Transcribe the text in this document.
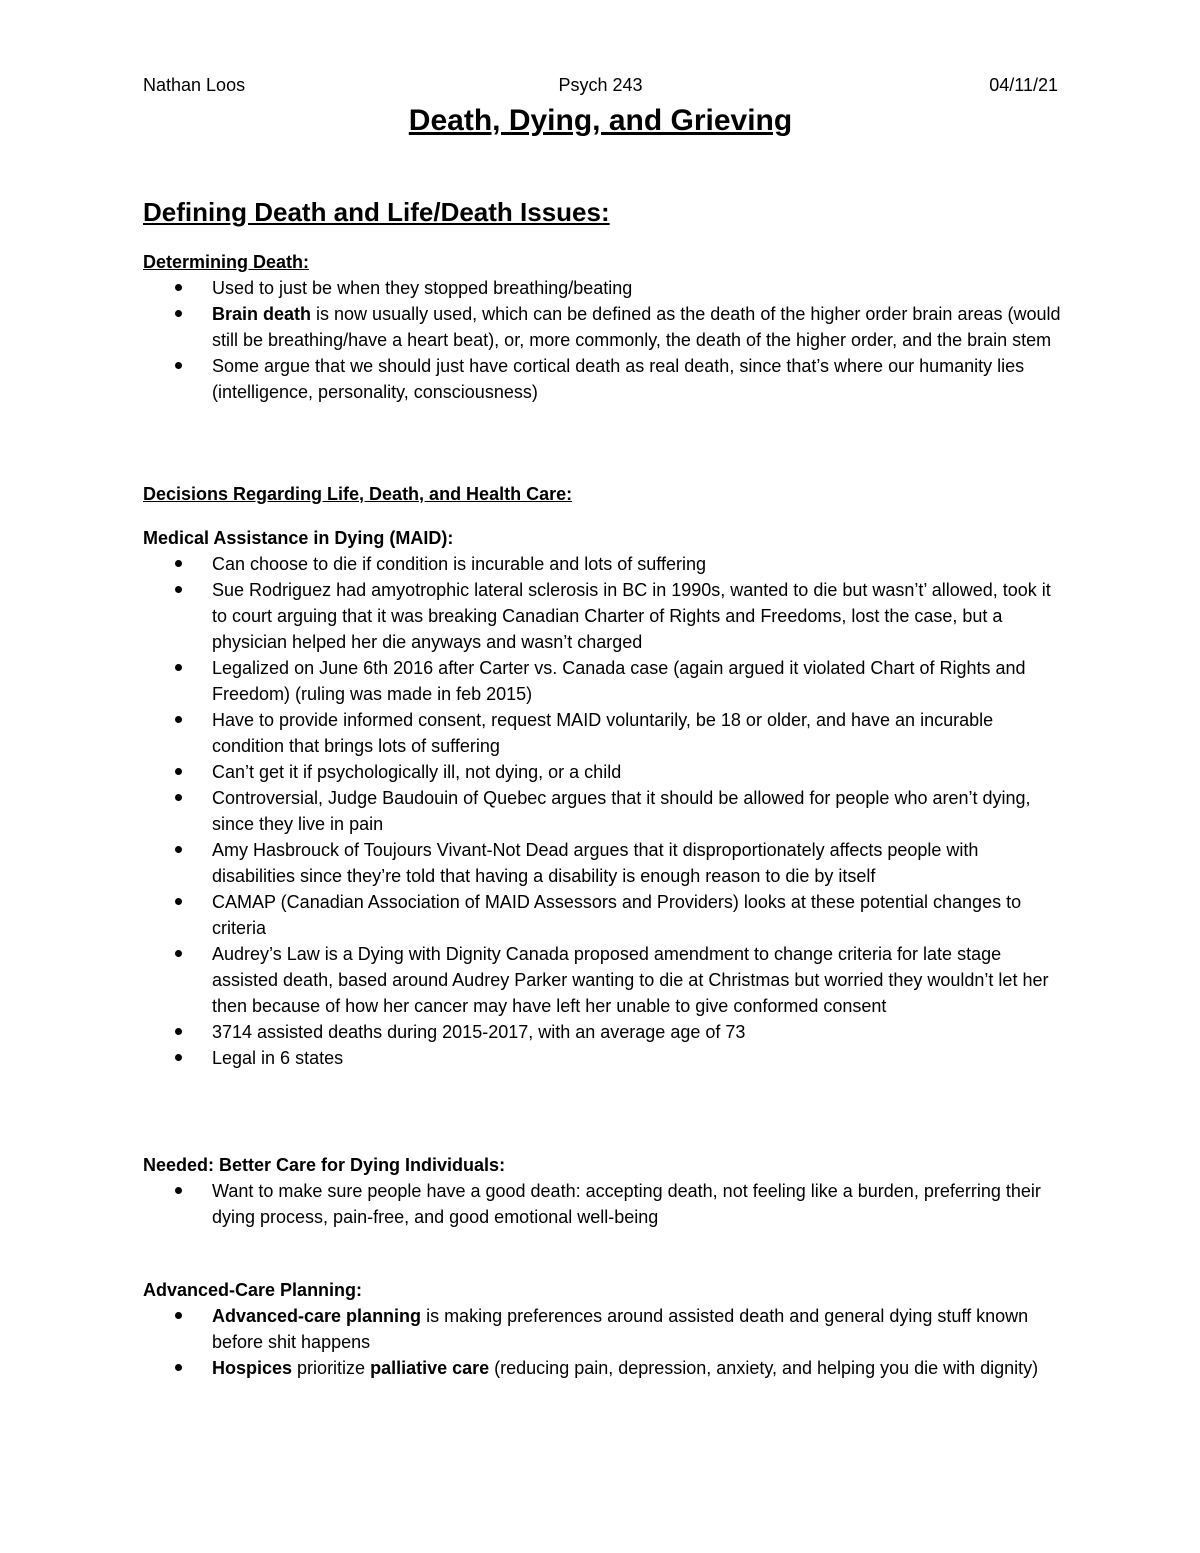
Nathan Loos	Psych 243	04/11/21
Death, Dying, and Grieving
Defining Death and Life/Death Issues:
Determining Death:
Used to just be when they stopped breathing/beating
Brain death is now usually used, which can be defined as the death of the higher order brain areas (would still be breathing/have a heart beat), or, more commonly, the death of the higher order, and the brain stem
Some argue that we should just have cortical death as real death, since that’s where our humanity lies (intelligence, personality, consciousness)
Decisions Regarding Life, Death, and Health Care:
Medical Assistance in Dying (MAID):
Can choose to die if condition is incurable and lots of suffering
Sue Rodriguez had amyotrophic lateral sclerosis in BC in 1990s, wanted to die but wasn’t’ allowed, took it to court arguing that it was breaking Canadian Charter of Rights and Freedoms, lost the case, but a physician helped her die anyways and wasn’t charged
Legalized on June 6th 2016 after Carter vs. Canada case (again argued it violated Chart of Rights and Freedom) (ruling was made in feb 2015)
Have to provide informed consent, request MAID voluntarily, be 18 or older, and have an incurable condition that brings lots of suffering
Can’t get it if psychologically ill, not dying, or a child
Controversial, Judge Baudouin of Quebec argues that it should be allowed for people who aren’t dying, since they live in pain
Amy Hasbrouck of Toujours Vivant-Not Dead argues that it disproportionately affects people with disabilities since they’re told that having a disability is enough reason to die by itself
CAMAP (Canadian Association of MAID Assessors and Providers) looks at these potential changes to criteria
Audrey’s Law is a Dying with Dignity Canada proposed amendment to change criteria for late stage assisted death, based around Audrey Parker wanting to die at Christmas but worried they wouldn’t let her then because of how her cancer may have left her unable to give conformed consent
3714 assisted deaths during 2015-2017, with an average age of 73
Legal in 6 states
Needed: Better Care for Dying Individuals:
Want to make sure people have a good death: accepting death, not feeling like a burden, preferring their dying process, pain-free, and good emotional well-being
Advanced-Care Planning:
Advanced-care planning is making preferences around assisted death and general dying stuff known before shit happens
Hospices prioritize palliative care (reducing pain, depression, anxiety, and helping you die with dignity)
